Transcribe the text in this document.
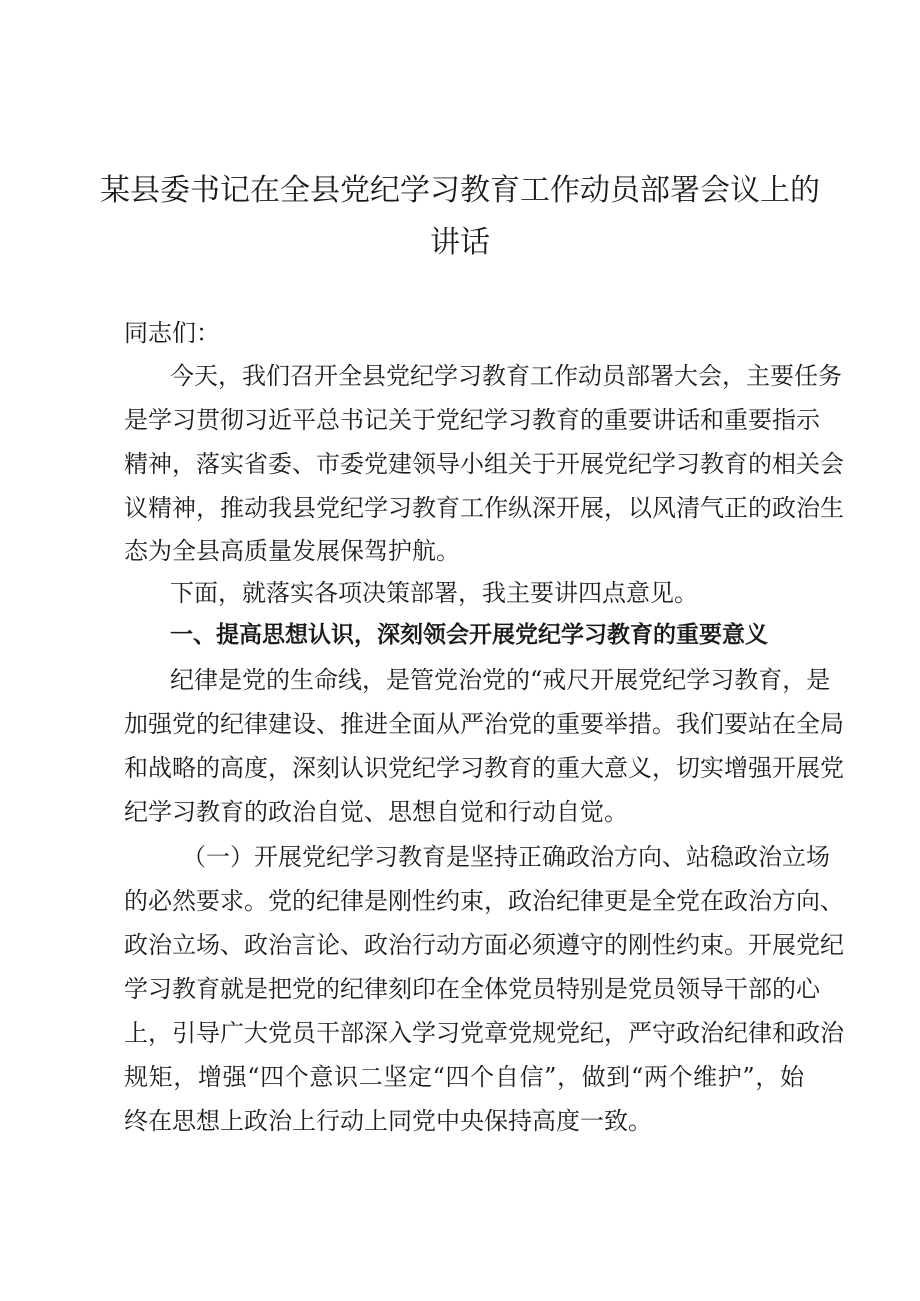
某县委书记在全县党纪学习教育工作动员部署会议上的
讲话

同志们：

今天，我们召开全县党纪学习教育工作动员部署大会，主要任务

是学习贯彻习近平总书记关于党纪学习教育的重要讲话和重要指示

精神，落实省委、市委党建领导小组关于开展党纪学习教育的相关会

议精神，推动我县党纪学习教育工作纵深开展，以风清气正的政治生

态为全县高质量发展保驾护航。

下面，就落实各项决策部署，我主要讲四点意见。

一、提高思想认识，深刻领会开展党纪学习教育的重要意义

纪律是党的生命线，是管党治党的“戒尺开展党纪学习教育，是

加强党的纪律建设、推进全面从严治党的重要举措。我们要站在全局

和战略的高度，深刻认识党纪学习教育的重大意义，切实增强开展党

纪学习教育的政治自觉、思想自觉和行动自觉。

（一）开展党纪学习教育是坚持正确政治方向、站稳政治立场

的必然要求。党的纪律是刚性约束，政治纪律更是全党在政治方向、

政治立场、政治言论、政治行动方面必须遵守的刚性约束。开展党纪

学习教育就是把党的纪律刻印在全体党员特别是党员领导干部的心

上，引导广大党员干部深入学习党章党规党纪，严守政治纪律和政治

规矩，增强“四个意识二坚定“四个自信”，做到“两个维护”，始

终在思想上政治上行动上同党中央保持高度一致。
